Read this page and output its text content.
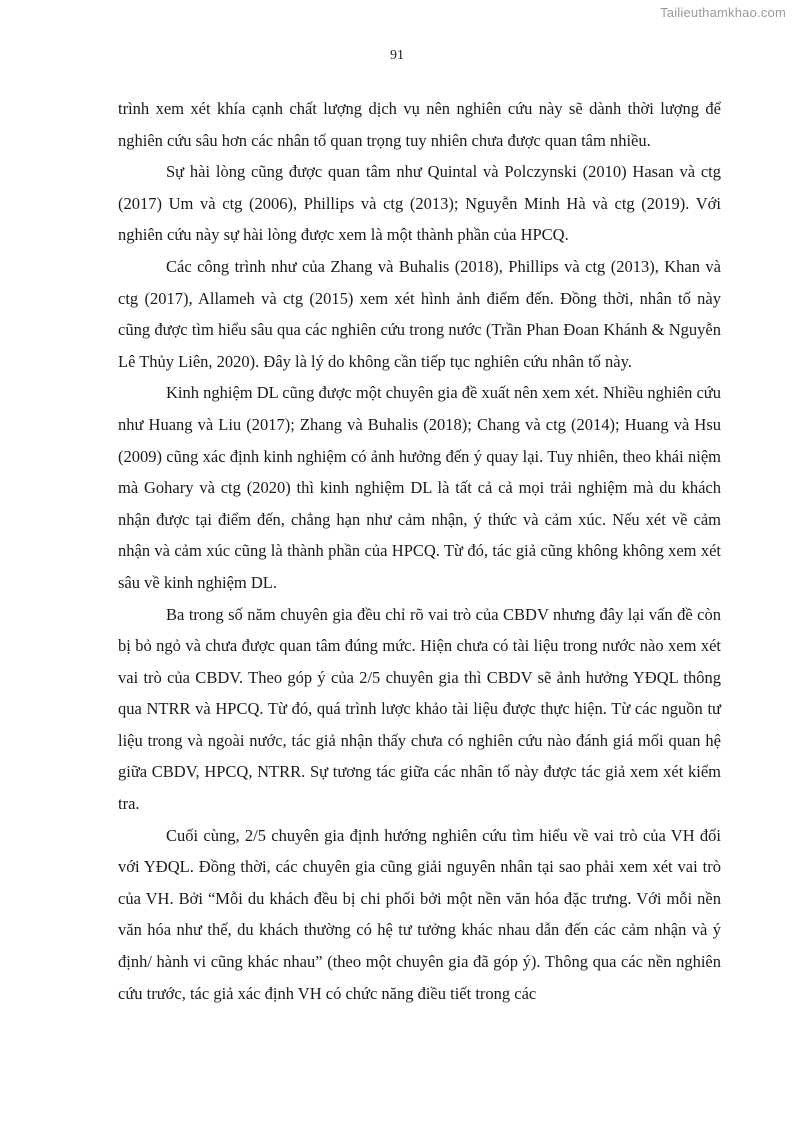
Tailieuthamkhao.com
91

trình xem xét khía cạnh chất lượng dịch vụ nên nghiên cứu này sẽ dành thời lượng để nghiên cứu sâu hơn các nhân tố quan trọng tuy nhiên chưa được quan tâm nhiều.

Sự hài lòng cũng được quan tâm như Quintal và Polczynski (2010) Hasan và ctg (2017) Um và ctg (2006), Phillips và ctg (2013); Nguyễn Minh Hà và ctg (2019). Với nghiên cứu này sự hài lòng được xem là một thành phần của HPCQ.

Các công trình như của Zhang và Buhalis (2018), Phillips và ctg (2013), Khan và ctg (2017), Allameh và ctg (2015) xem xét hình ảnh điểm đến. Đồng thời, nhân tố này cũng được tìm hiểu sâu qua các nghiên cứu trong nước (Trần Phan Đoan Khánh & Nguyễn Lê Thủy Liên, 2020). Đây là lý do không cần tiếp tục nghiên cứu nhân tố này.

Kinh nghiệm DL cũng được một chuyên gia đề xuất nên xem xét. Nhiều nghiên cứu như Huang và Liu (2017); Zhang và Buhalis (2018); Chang và ctg (2014); Huang và Hsu (2009) cũng xác định kinh nghiệm có ảnh hưởng đến ý quay lại. Tuy nhiên, theo khái niệm mà Gohary và ctg (2020) thì kinh nghiệm DL là tất cả cả mọi trải nghiệm mà du khách nhận được tại điểm đến, chẳng hạn như cảm nhận, ý thức và cảm xúc. Nếu xét về cảm nhận và cảm xúc cũng là thành phần của HPCQ. Từ đó, tác giả cũng không không xem xét sâu về kinh nghiệm DL.

Ba trong số năm chuyên gia đều chỉ rõ vai trò của CBDV nhưng đây lại vấn đề còn bị bỏ ngỏ và chưa được quan tâm đúng mức. Hiện chưa có tài liệu trong nước nào xem xét vai trò của CBDV. Theo góp ý của 2/5 chuyên gia thì CBDV sẽ ảnh hưởng YĐQL thông qua NTRR và HPCQ. Từ đó, quá trình lược khảo tài liệu được thực hiện. Từ các nguồn tư liệu trong và ngoài nước, tác giả nhận thấy chưa có nghiên cứu nào đánh giá mối quan hệ giữa CBDV, HPCQ, NTRR. Sự tương tác giữa các nhân tố này được tác giả xem xét kiểm tra.

Cuối cùng, 2/5 chuyên gia định hướng nghiên cứu tìm hiểu về vai trò của VH đối với YĐQL. Đồng thời, các chuyên gia cũng giải nguyên nhân tại sao phải xem xét vai trò của VH. Bởi “Mỗi du khách đều bị chi phối bởi một nền văn hóa đặc trưng. Với mỗi nền văn hóa như thế, du khách thường có hệ tư tưởng khác nhau dẫn đến các cảm nhận và ý định/ hành vi cũng khác nhau” (theo một chuyên gia đã góp ý). Thông qua các nền nghiên cứu trước, tác giả xác định VH có chức năng điều tiết trong các
